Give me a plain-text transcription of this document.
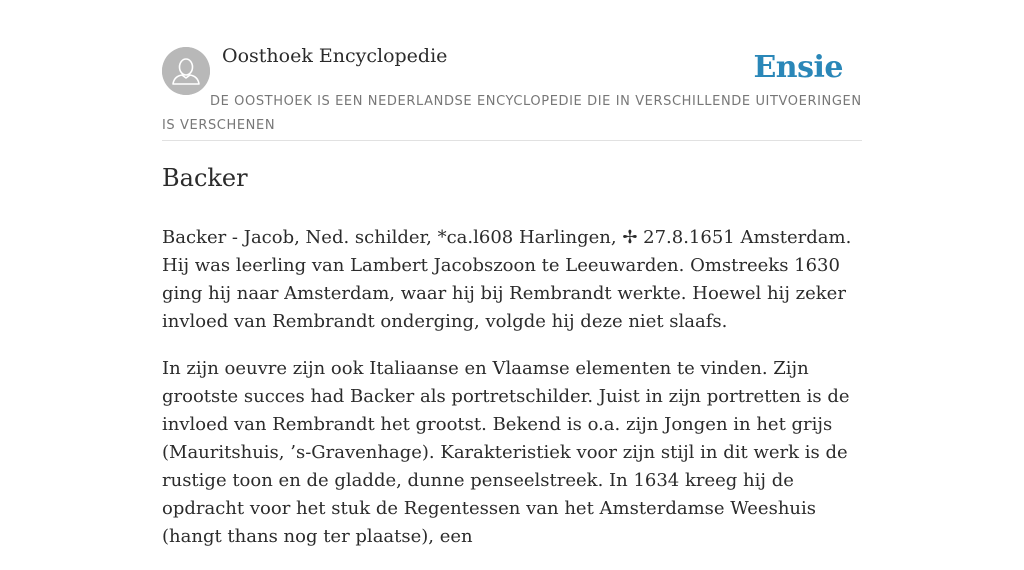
Oosthoek Encyclopedie	Ensie
DE OOSTHOEK IS EEN NEDERLANDSE ENCYCLOPEDIE DIE IN VERSCHILLENDE UITVOERINGEN IS VERSCHENEN
Backer

Backer - Jacob, Ned. schilder, *ca.l608 Harlingen, ✢ 27.8.1651 Amsterdam. Hij was leerling van Lambert Jacobszoon te Leeuwarden. Omstreeks 1630 ging hij naar Amsterdam, waar hij bij Rembrandt werkte. Hoewel hij zeker invloed van Rembrandt onderging, volgde hij deze niet slaafs.

In zijn oeuvre zijn ook Italiaanse en Vlaamse elementen te vinden. Zijn grootste succes had Backer als portretschilder. Juist in zijn portretten is de invloed van Rembrandt het grootst. Bekend is o.a. zijn Jongen in het grijs (Mauritshuis, ’s-Gravenhage). Karakteristiek voor zijn stijl in dit werk is de rustige toon en de gladde, dunne penseelstreek. In 1634 kreeg hij de opdracht voor het stuk de Regentessen van het Amsterdamse Weeshuis (hangt thans nog ter plaatse), een
